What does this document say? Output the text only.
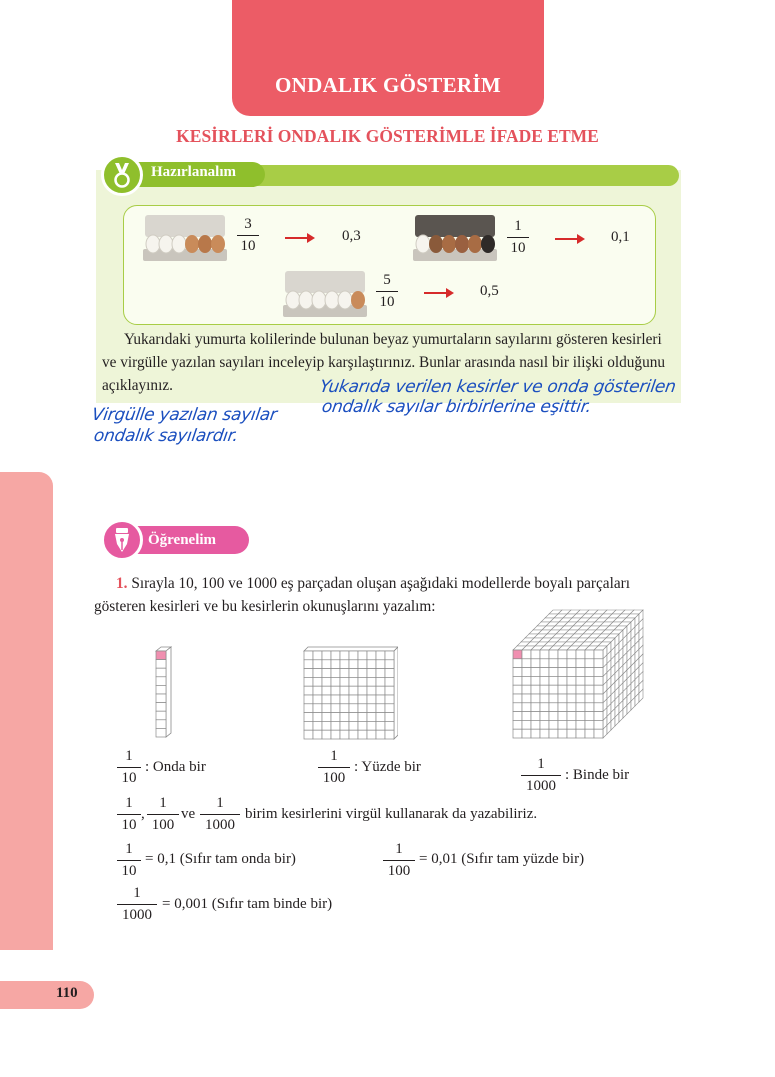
ONDALIK GÖSTERİM
KESİRLERİ ONDALIK GÖSTERİMLE İFADE ETME
110
Hazırlanalım
3
10
0,3
1
10
0,1
5
10
0,5
Yukarıdaki yumurta kolilerinde bulunan beyaz yumurtaların sayılarını gösteren kesirleri ve virgülle yazılan sayıları inceleyip karşılaştırınız. Bunlar arasında nasıl bir ilişki olduğunu açıklayınız.	Yukarıda verilen kesirler ve onda gösterilen
ondalık sayılar birbirlerine eşittir.
Virgülle yazılan sayılar
ondalık sayılardır.
Öğrenelim
1. Sırayla 10, 100 ve 1000 eş parçadan oluşan aşağıdaki modellerde boyalı parçaları gösteren kesirleri ve bu kesirlerin okunuşlarını yazalım:
1
10
: Onda bir
1
100
: Yüzde bir	1
1000
: Binde bir
1
10
,
1
100
ve
1
1000
birim kesirlerini virgül kullanarak da yazabiliriz.
1
10
= 0,1 (Sıfır tam onda bir)
1
100
= 0,01 (Sıfır tam yüzde bir)
1
1000
= 0,001 (Sıfır tam binde bir)
